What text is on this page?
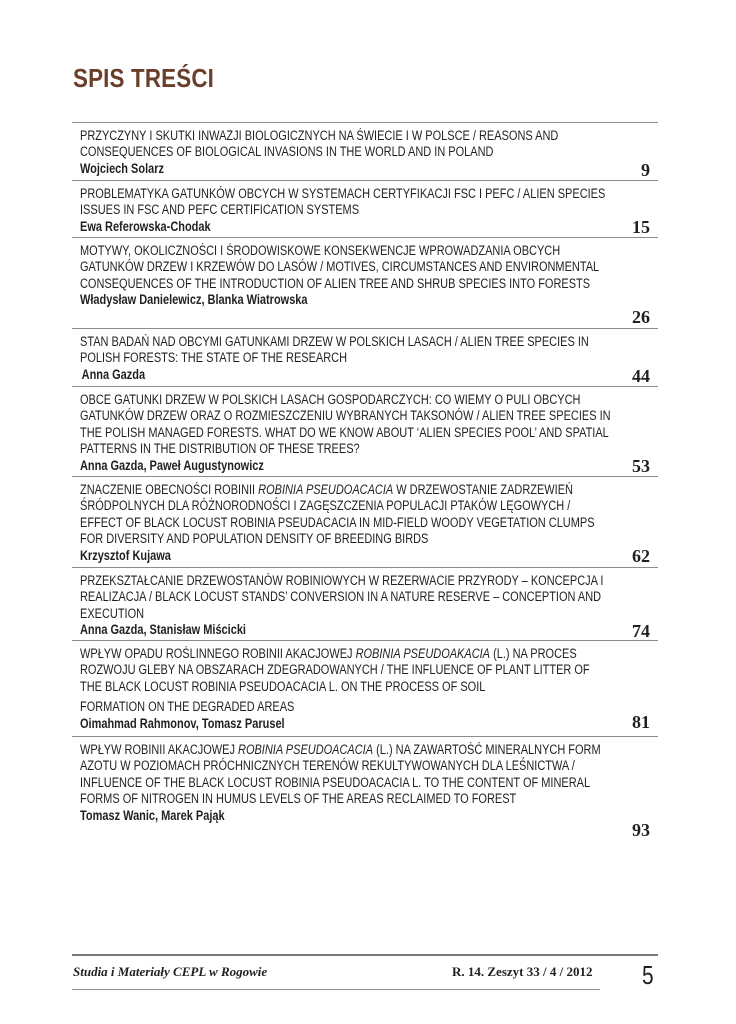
SPIS TREŚCI
PRZYCZYNY I SKUTKI INWAZJI BIOLOGICZNYCH NA ŚWIECIE I W POLSCE / REASONS AND CONSEQUENCES OF BIOLOGICAL INVASIONS IN THE WORLD AND IN POLAND
Wojciech Solarz	9
PROBLEMATYKA GATUNKÓW OBCYCH W SYSTEMACH CERTYFIKACJI FSC I PEFC / ALIEN SPECIES ISSUES IN FSC AND PEFC CERTIFICATION SYSTEMS
Ewa Referowska-Chodak	15
MOTYWY, OKOLICZNOŚCI I ŚRODOWISKOWE KONSEKWENCJE WPROWADZANIA OBCYCH GATUNKÓW DRZEW I KRZEWÓW DO LASÓW / MOTIVES, CIRCUMSTANCES AND ENVIRONMENTAL CONSEQUENCES OF THE INTRODUCTION OF ALIEN TREE AND SHRUB SPECIES INTO FORESTS
Władysław Danielewicz, Blanka Wiatrowska
26
STAN BADAŃ NAD OBCYMI GATUNKAMI DRZEW W POLSKICH LASACH / ALIEN TREE SPECIES IN POLISH FORESTS: THE STATE OF THE RESEARCH
Anna Gazda	44
OBCE GATUNKI DRZEW W POLSKICH LASACH GOSPODARCZYCH: CO WIEMY O PULI OBCYCH GATUNKÓW DRZEW ORAZ O ROZMIESZCZENIU WYBRANYCH TAKSONÓW / ALIEN TREE SPECIES IN THE POLISH MANAGED FORESTS. WHAT DO WE KNOW ABOUT ‘ALIEN SPECIES POOL’ AND SPATIAL PATTERNS IN THE DISTRIBUTION OF THESE TREES?
Anna Gazda, Paweł Augustynowicz	53
ZNACZENIE OBECNOŚCI ROBINII ROBINIA PSEUDOACACIA W DRZEWOSTANIE ZADRZEWIEŃ ŚRÓDPOLNYCH DLA RÓŻNORODNOŚCI I ZAGĘSZCZENIA POPULACJI PTAKÓW LĘGOWYCH / EFFECT OF BLACK LOCUST ROBINIA PSEUDACACIA IN MID-FIELD WOODY VEGETATION CLUMPS FOR DIVERSITY AND POPULATION DENSITY OF BREEDING BIRDS
Krzysztof Kujawa	62
PRZEKSZTAŁCANIE DRZEWOSTANÓW ROBINIOWYCH W REZERWACIE PRZYRODY – KONCEPCJA I REALIZACJA / BLACK LOCUST STANDS’ CONVERSION IN A NATURE RESERVE – CONCEPTION AND EXECUTION
Anna Gazda, Stanisław Miścicki	74
WPŁYW OPADU ROŚLINNEGO ROBINII AKACJOWEJ ROBINIA PSEUDOAKACIA (L.) NA PROCES ROZWOJU GLEBY NA OBSZARACH ZDEGRADOWANYCH / THE INFLUENCE OF PLANT LITTER OF THE BLACK LOCUST ROBINIA PSEUDOACACIA L. ON THE PROCESS OF SOIL
FORMATION ON THE DEGRADED AREAS
Oimahmad Rahmonov, Tomasz Parusel	81
WPŁYW ROBINII AKACJOWEJ ROBINIA PSEUDOACACIA (L.) NA ZAWARTOŚĆ MINERALNYCH FORM AZOTU W POZIOMACH PRÓCHNICZNYCH TERENÓW REKULTYWOWANYCH DLA LEŚNICTWA / INFLUENCE OF THE BLACK LOCUST ROBINIA PSEUDOACACIA L. TO THE CONTENT OF MINERAL FORMS OF NITROGEN IN HUMUS LEVELS OF THE AREAS RECLAIMED TO FOREST
Tomasz Wanic, Marek Pająk
93
Studia i Materiały CEPL w Rogowie	R. 14. Zeszyt 33 / 4 / 2012 5
